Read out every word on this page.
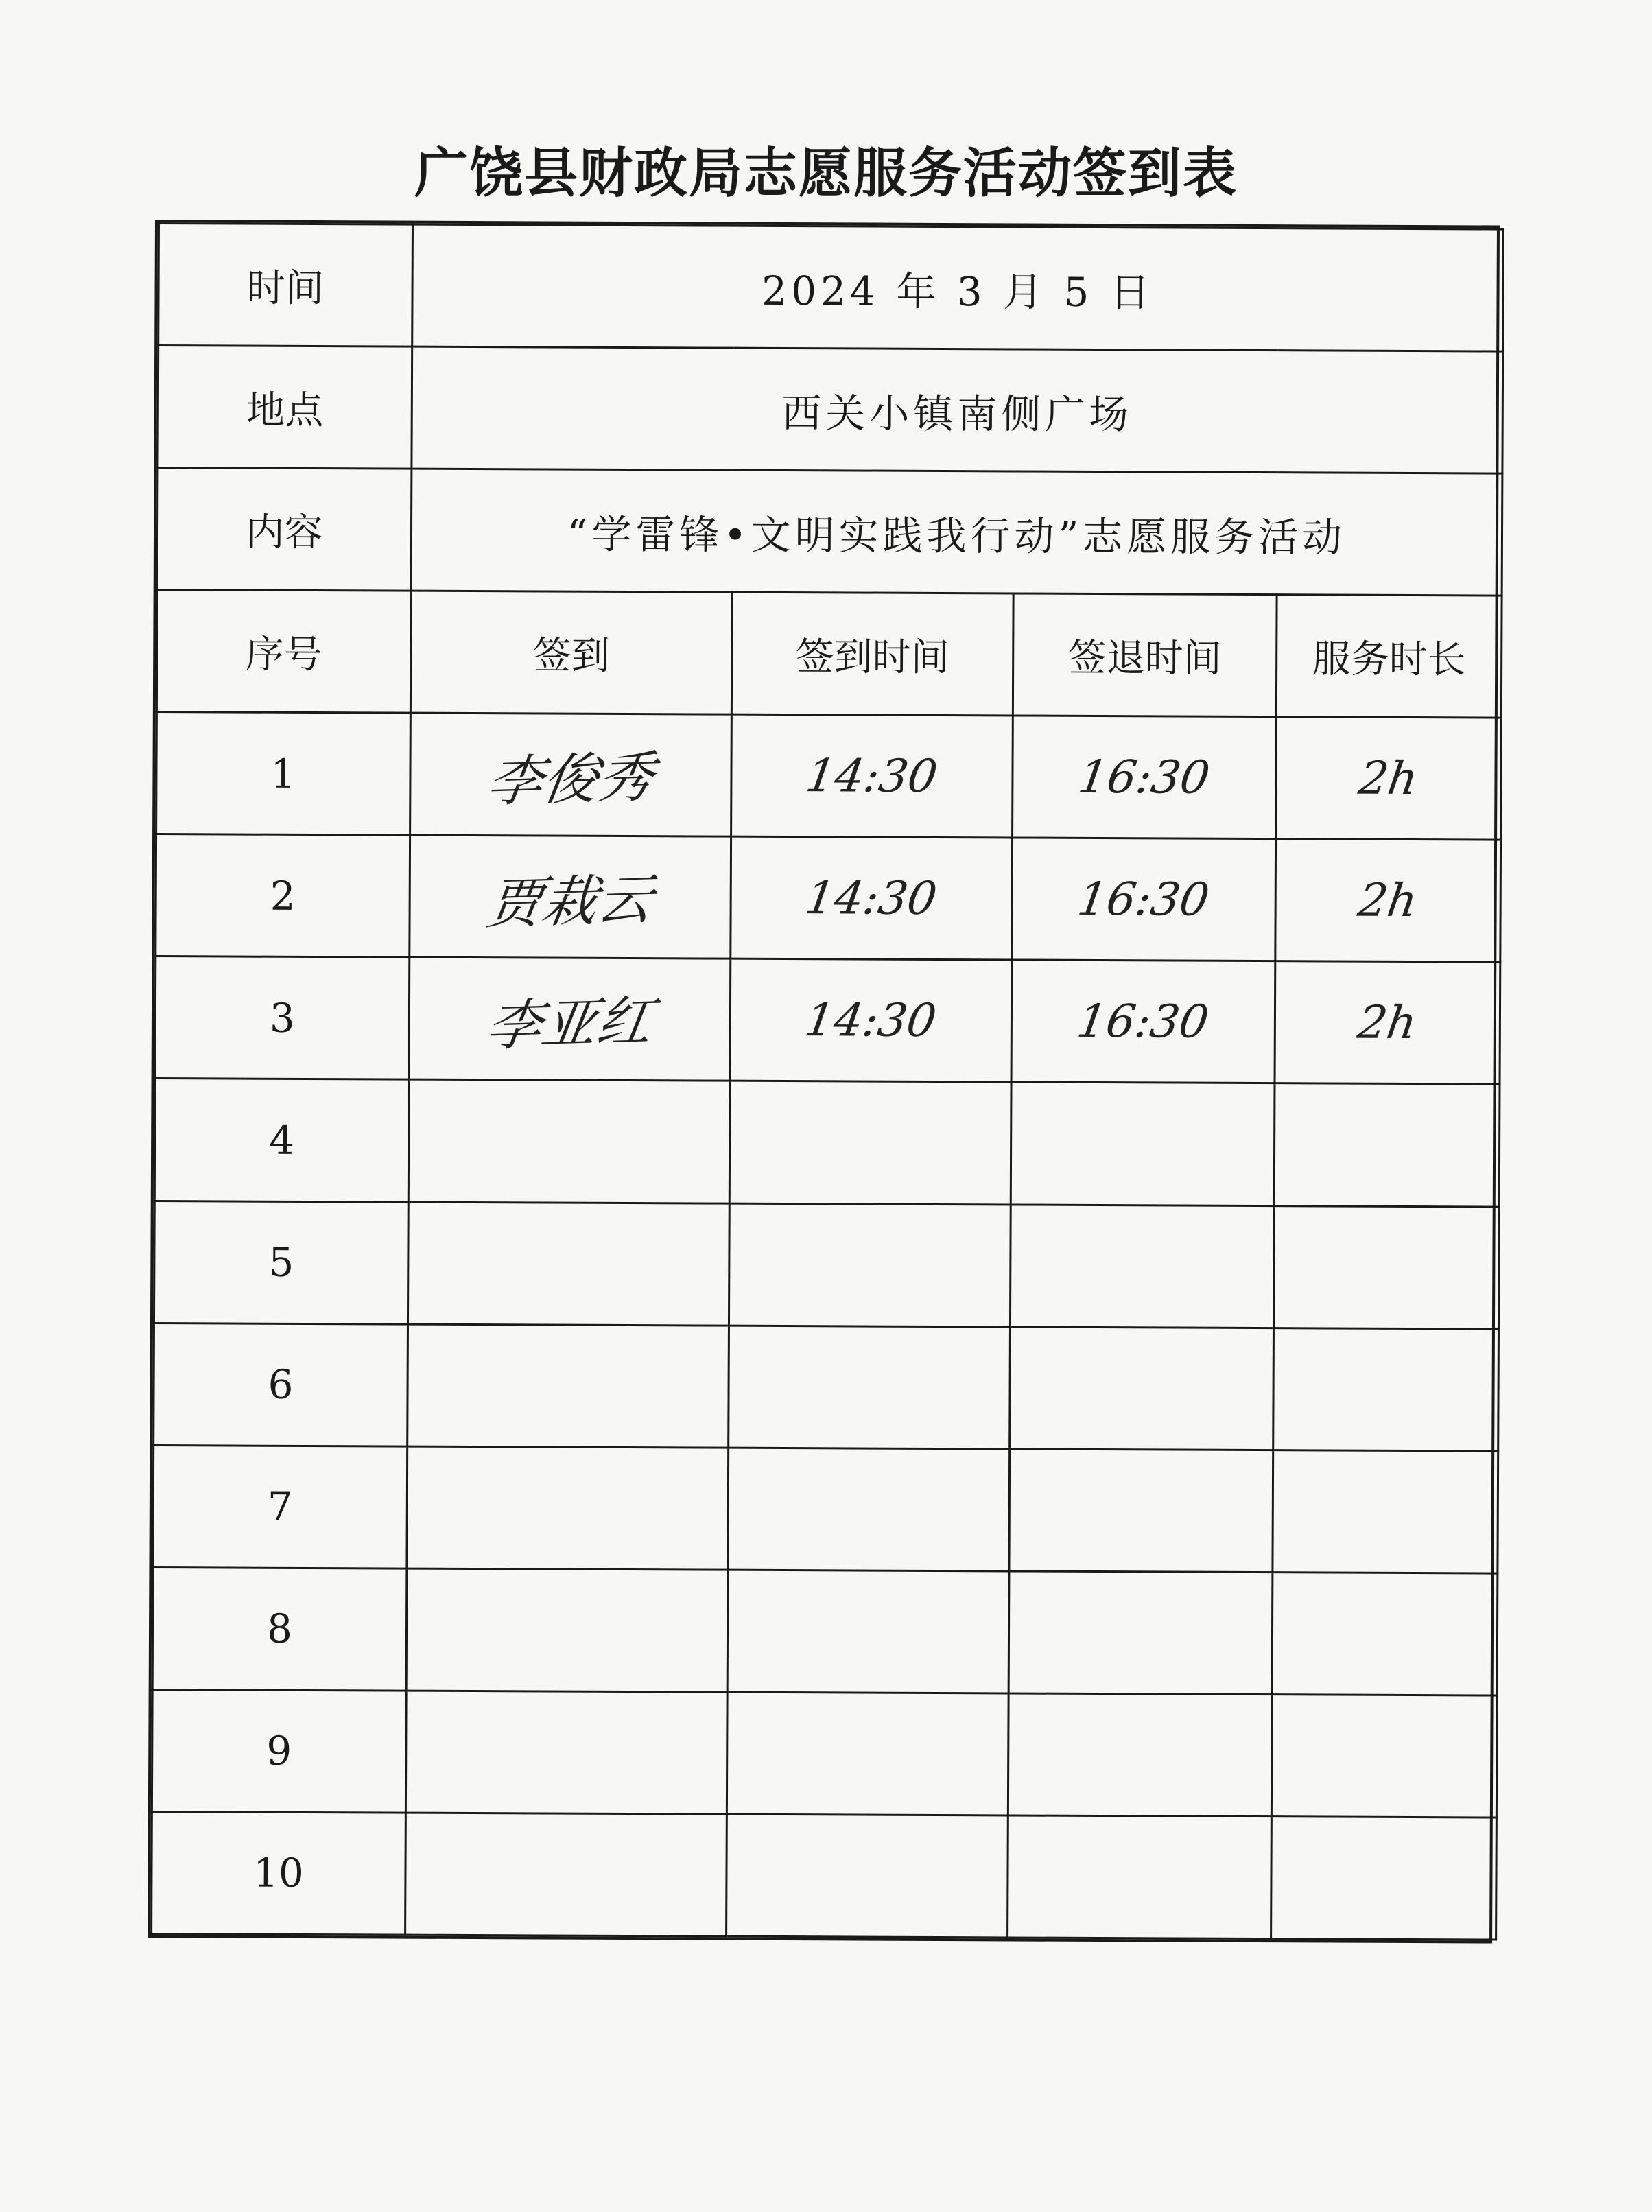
广饶县财政局志愿服务活动签到表
时间	2024 年 3 月 5 日			
地点	西关小镇南侧广场			
内容	“学雷锋•文明实践我行动”志愿服务活动			
序号	签到	签到时间	签退时间	服务时长
1	李俊秀	14:30	16:30	2h
2	贾栽云	14:30	16:30	2h
3	李亚红	14:30	16:30	2h
4				
5				
6				
7				
8				
9				
10				
